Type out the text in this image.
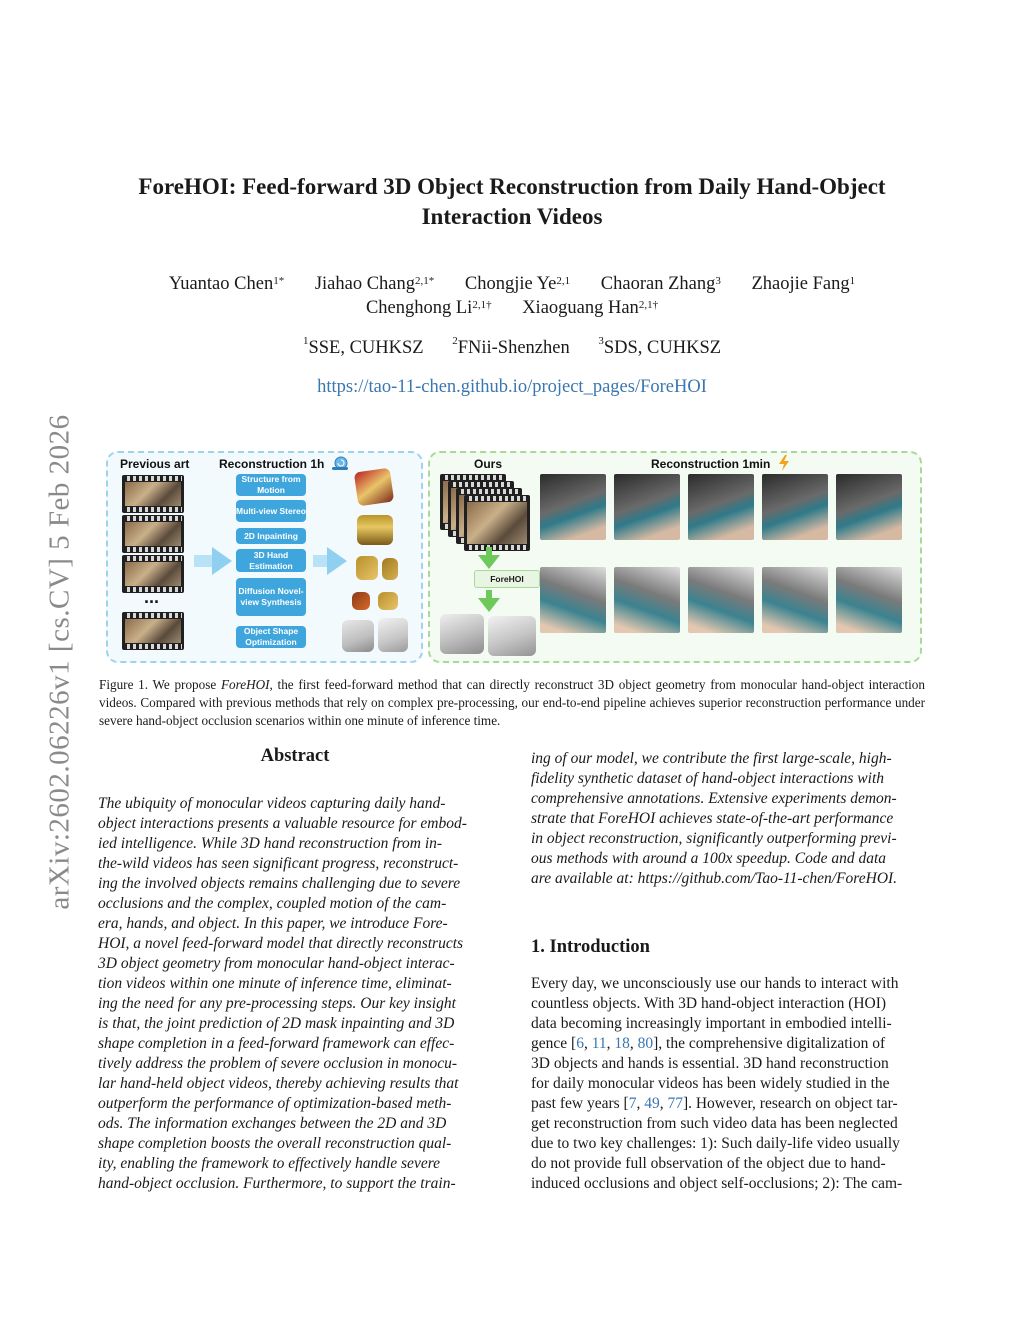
arXiv:2602.06226v1 [cs.CV] 5 Feb 2026
ForeHOI: Feed-forward 3D Object Reconstruction from Daily Hand-Object
Interaction Videos
Yuantao Chen$^{1*}$ Jiahao Chang$^{2,1*}$ Chongjie Ye$^{2,1}$ Chaoran Zhang$^3$ Zhaojie Fang$^1$
Chenghong $Li^{2,1\dagger}$ Xiaoguang Han$^{2,1\dagger}$
$^1$SSE, CUHKSZ	$^2$FNii-Shenzhen	$^3$SDS, CUHKSZ
https://tao-11-chen.github.io/project_pages/ForeHOI
Previous art Reconstruction 1h
...
Structure from Motion
Multi-view Stereo
2D Inpainting
3D Hand Estimation
Diffusion Novel-view Synthesis
Object Shape Optimization
Ours	Reconstruction 1min
ForeHOI
Figure 1. We propose ForeHOI, the first feed-forward method that can directly reconstruct 3D object geometry from monocular hand-object interaction videos. Compared with previous methods that rely on complex pre-processing, our end-to-end pipeline achieves superior reconstruction performance under severe hand-object occlusion scenarios within one minute of inference time.
Abstract
The ubiquity of monocular videos capturing daily hand-
object interactions presents a valuable resource for embod-
ied intelligence. While 3D hand reconstruction from in-
the-wild videos has seen significant progress, reconstruct-
ing the involved objects remains challenging due to severe
occlusions and the complex, coupled motion of the cam-
era, hands, and object. In this paper, we introduce Fore-
HOI, a novel feed-forward model that directly reconstructs
3D object geometry from monocular hand-object interac-
tion videos within one minute of inference time, eliminat-
ing the need for any pre-processing steps. Our key insight
is that, the joint prediction of 2D mask inpainting and 3D
shape completion in a feed-forward framework can effec-
tively address the problem of severe occlusion in monocu-
lar hand-held object videos, thereby achieving results that
outperform the performance of optimization-based meth-
ods. The information exchanges between the 2D and 3D
shape completion boosts the overall reconstruction qual-
ity, enabling the framework to effectively handle severe
hand-object occlusion. Furthermore, to support the train-
ing of our model, we contribute the first large-scale, high-
fidelity synthetic dataset of hand-object interactions with
comprehensive annotations. Extensive experiments demon-
strate that ForeHOI achieves state-of-the-art performance
in object reconstruction, significantly outperforming previ-
ous methods with around a 100x speedup. Code and data
are available at: https://github.com/Tao-11-chen/ForeHOI.
1. Introduction
Every day, we unconsciously use our hands to interact with
countless objects. With 3D hand-object interaction (HOI)
data becoming increasingly important in embodied intelli-
gence [6, 11, 18, 80], the comprehensive digitalization of
3D objects and hands is essential. 3D hand reconstruction
for daily monocular videos has been widely studied in the
past few years [7, 49, 77]. However, research on object tar-
get reconstruction from such video data has been neglected
due to two key challenges: 1): Such daily-life video usually
do not provide full observation of the object due to hand-
induced occlusions and object self-occlusions; 2): The cam-
